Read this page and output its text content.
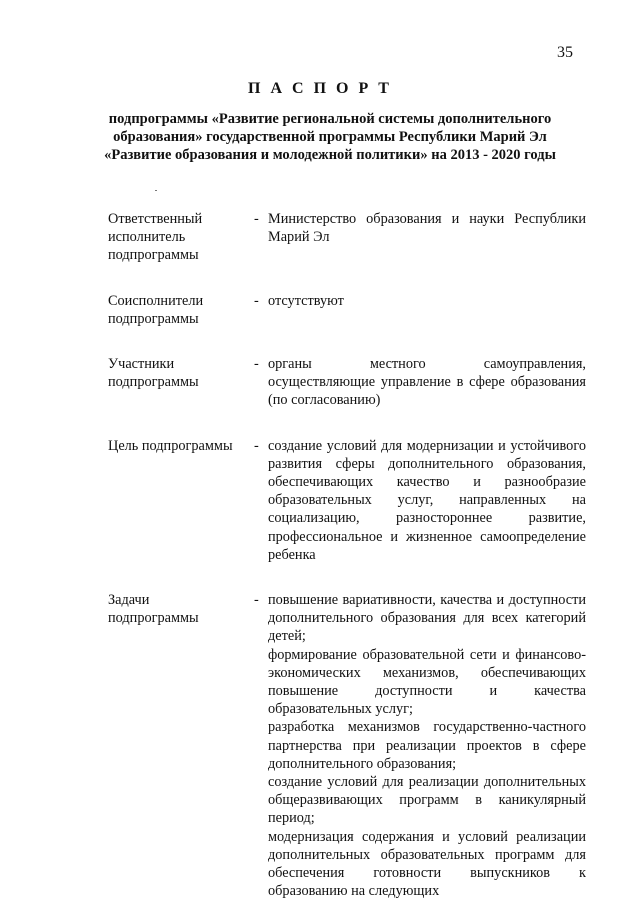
35
П А С П О Р Т
подпрограммы «Развитие региональной системы дополнительного
образования» государственной программы Республики Марий Эл
«Развитие образования и молодежной политики» на 2013 - 2020 годы
Ответственный
исполнитель
подпрограммы
- Министерство образования и науки Республики Марий Эл

Соисполнители
подпрограммы
- отсутствуют

Участники
подпрограммы
- органы местного самоуправления, осуществляющие управление в сфере образования (по согласованию)

Цель подпрограммы	- создание условий для модернизации и устойчивого развития сферы дополнительного образования, обеспечивающих качество и разнообразие образовательных услуг, направленных на социализацию, разностороннее развитие, профессиональное и жизненное самоопределение ребенка

Задачи
подпрограммы
- повышение вариативности, качества и доступности дополнительного образования для всех категорий детей;

формирование образовательной сети и финансово-экономических механизмов, обеспечивающих повышение доступности и качества образовательных услуг;

разработка механизмов государственно-частного партнерства при реализации проектов в сфере дополнительного образования;

создание условий для реализации дополнительных общеразвивающих программ в каникулярный период;

модернизация содержания и условий реализации дополнительных образовательных программ для обеспечения готовности выпускников к образованию на следующих
